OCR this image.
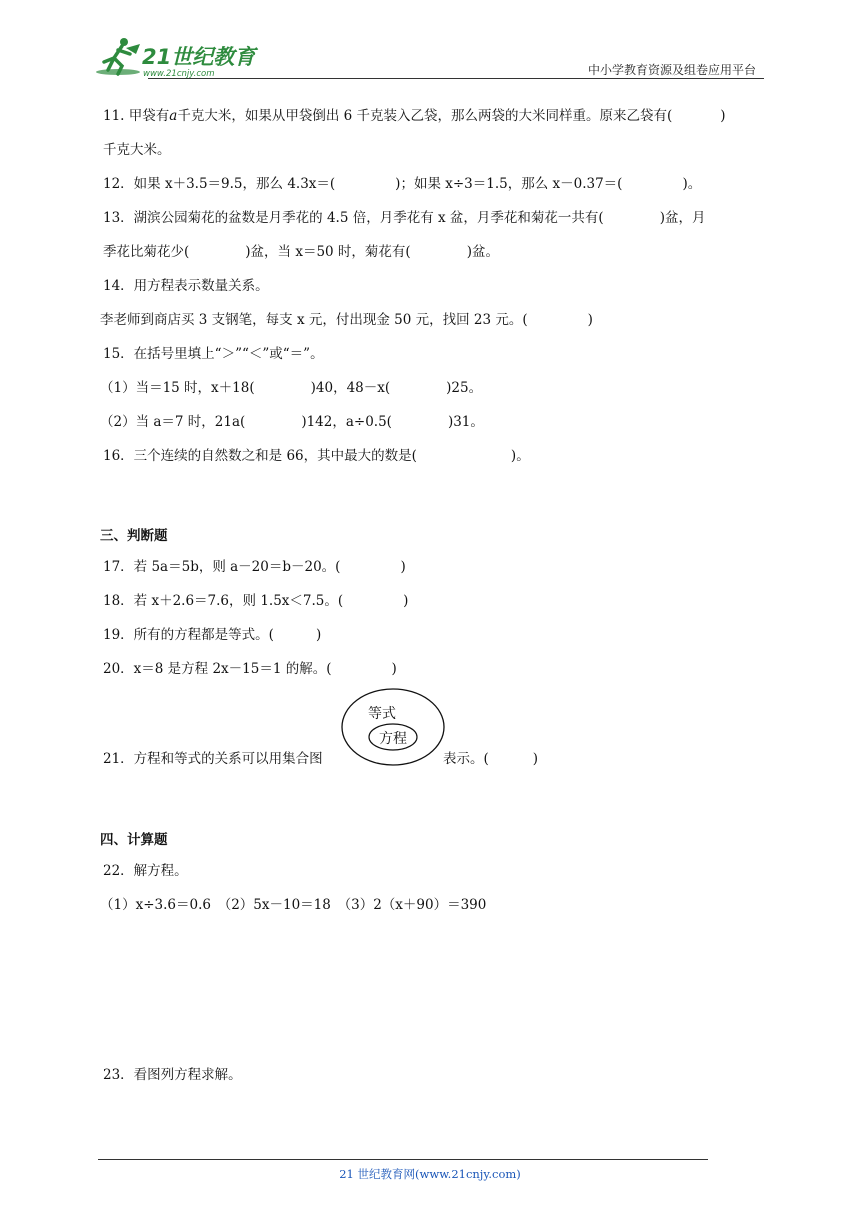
21世纪教育
www.21cnjy.com	中小学教育资源及组卷应用平台
11. 甲袋有a千克大米，如果从甲袋倒出 6 千克装入乙袋，那么两袋的大米同样重。原来乙袋有(	)
千克大米。
12．如果 x＋3.5＝9.5，那么 4.3x＝(	)；如果 x÷3＝1.5，那么 x－0.37＝(	)。
13．湖滨公园菊花的盆数是月季花的 4.5 倍，月季花有 x 盆，月季花和菊花一共有(	)盆，月
季花比菊花少(	)盆，当 x＝50 时，菊花有(	)盆。
14．用方程表示数量关系。
李老师到商店买 3 支钢笔，每支 x 元，付出现金 50 元，找回 23 元。(	)
15．在括号里填上“＞”“＜”或“＝”。
（1）当＝15 时，x＋18(	)40，48－x(	)25。
（2）当 a＝7 时，21a(	)142，a÷0.5(	)31。
16．三个连续的自然数之和是 66，其中最大的数是(	)。
三、判断题
17．若 5a＝5b，则 a－20＝b－20。(	)
18．若 x＋2.6＝7.6，则 1.5x＜7.5。(	)
19．所有的方程都是等式。(	)
20．x＝8 是方程 2x－15＝1 的解。(	)
21．方程和等式的关系可以用集合图
等式
方程
表示。(	)
四、计算题
22．解方程。
（1）x÷3.6＝0.6　（2）5x－10＝18　（3）2（x＋90）＝390
23．看图列方程求解。
21 世纪教育网(www.21cnjy.com)
